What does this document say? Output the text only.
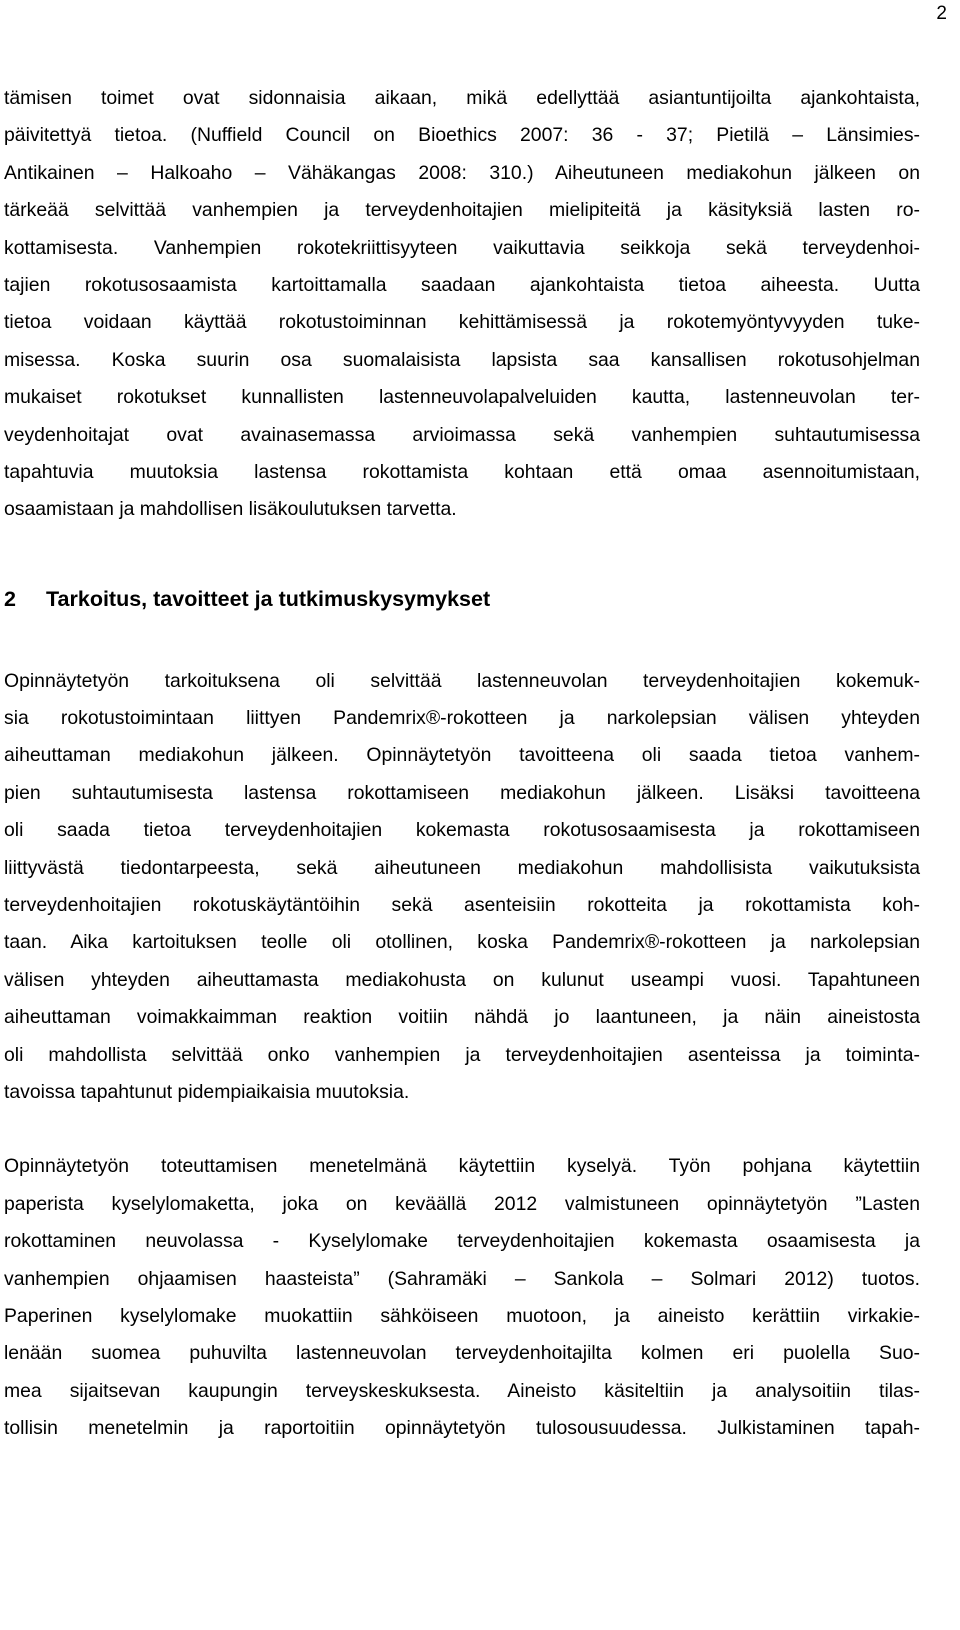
2

tämisen toimet ovat sidonnaisia aikaan, mikä edellyttää asiantuntijoilta ajankohtaista,
päivitettyä tietoa. (Nuffield Council on Bioethics 2007: 36 - 37; Pietilä – Länsimies-
Antikainen – Halkoaho – Vähäkangas 2008: 310.) Aiheutuneen mediakohun jälkeen on
tärkeää selvittää vanhempien ja terveydenhoitajien mielipiteitä ja käsityksiä lasten ro-
kottamisesta. Vanhempien rokotekriittisyyteen vaikuttavia seikkoja sekä terveydenhoi-
tajien rokotusosaamista kartoittamalla saadaan ajankohtaista tietoa aiheesta. Uutta
tietoa voidaan käyttää rokotustoiminnan kehittämisessä ja rokotemyöntyvyyden tuke-
misessa. Koska suurin osa suomalaisista lapsista saa kansallisen rokotusohjelman
mukaiset rokotukset kunnallisten lastenneuvolapalveluiden kautta, lastenneuvolan ter-
veydenhoitajat ovat avainasemassa arvioimassa sekä vanhempien suhtautumisessa
tapahtuvia muutoksia lastensa rokottamista kohtaan että omaa asennoitumistaan,
osaamistaan ja mahdollisen lisäkoulutuksen tarvetta.

2 Tarkoitus, tavoitteet ja tutkimuskysymykset

Opinnäytetyön tarkoituksena oli selvittää lastenneuvolan terveydenhoitajien kokemuk-
sia rokotustoimintaan liittyen Pandemrix®-rokotteen ja narkolepsian välisen yhteyden
aiheuttaman mediakohun jälkeen. Opinnäytetyön tavoitteena oli saada tietoa vanhem-
pien suhtautumisesta lastensa rokottamiseen mediakohun jälkeen. Lisäksi tavoitteena
oli saada tietoa terveydenhoitajien kokemasta rokotusosaamisesta ja rokottamiseen
liittyvästä tiedontarpeesta, sekä aiheutuneen mediakohun mahdollisista vaikutuksista
terveydenhoitajien rokotuskäytäntöihin sekä asenteisiin rokotteita ja rokottamista koh-
taan. Aika kartoituksen teolle oli otollinen, koska Pandemrix®-rokotteen ja narkolepsian
välisen yhteyden aiheuttamasta mediakohusta on kulunut useampi vuosi. Tapahtuneen
aiheuttaman voimakkaimman reaktion voitiin nähdä jo laantuneen, ja näin aineistosta
oli mahdollista selvittää onko vanhempien ja terveydenhoitajien asenteissa ja toiminta-
tavoissa tapahtunut pidempiaikaisia muutoksia.

Opinnäytetyön toteuttamisen menetelmänä käytettiin kyselyä. Työn pohjana käytettiin
paperista kyselylomaketta, joka on keväällä 2012 valmistuneen opinnäytetyön ”Lasten
rokottaminen neuvolassa - Kyselylomake terveydenhoitajien kokemasta osaamisesta ja
vanhempien ohjaamisen haasteista” (Sahramäki – Sankola – Solmari 2012) tuotos.
Paperinen kyselylomake muokattiin sähköiseen muotoon, ja aineisto kerättiin virkakie-
lenään suomea puhuvilta lastenneuvolan terveydenhoitajilta kolmen eri puolella Suo-
mea sijaitsevan kaupungin terveyskeskuksesta. Aineisto käsiteltiin ja analysoitiin tilas-
tollisin menetelmin ja raportoitiin opinnäytetyön tulosousuudessa. Julkistaminen tapah-
